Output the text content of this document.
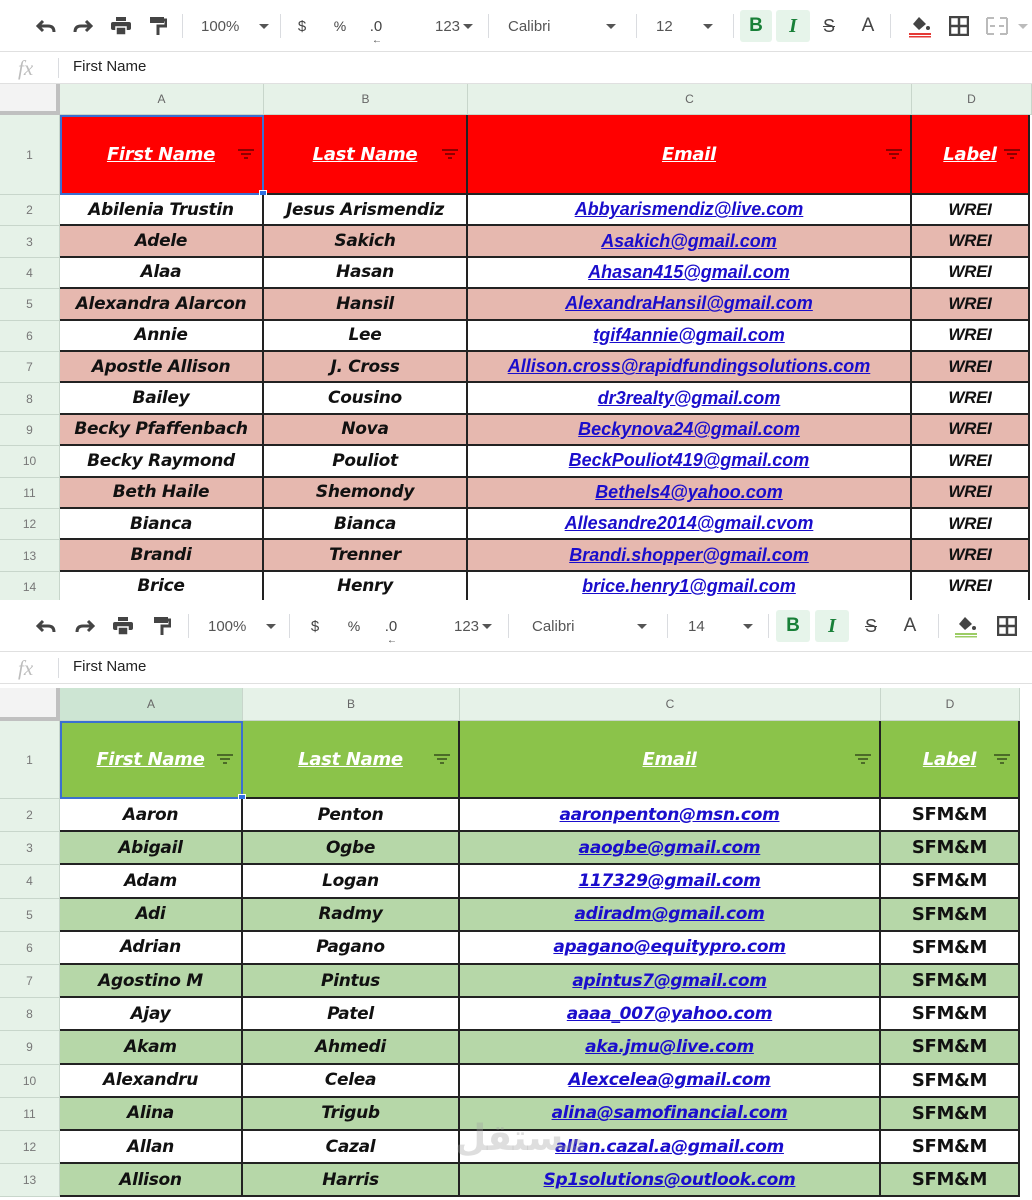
100%	$ % .0
←
123	Calibri	12	B I S A
fx	First Name
A	B	C	D
1	First Name	Last Name	Email	Label
2	Abilenia Trustin	Jesus Arismendiz	Abbyarismendiz@live.com	WREI
3	Adele	Sakich	Asakich@gmail.com	WREI
4	Alaa	Hasan	Ahasan415@gmail.com	WREI
5	Alexandra Alarcon	Hansil	AlexandraHansil@gmail.com	WREI
6	Annie	Lee	tgif4annie@gmail.com	WREI
7	Apostle Allison	J. Cross	Allison.cross@rapidfundingsolutions.com	WREI
8	Bailey	Cousino	dr3realty@gmail.com	WREI
9	Becky Pfaffenbach	Nova	Beckynova24@gmail.com	WREI
10	Becky Raymond	Pouliot	BeckPouliot419@gmail.com	WREI
11	Beth Haile	Shemondy	Bethels4@yahoo.com	WREI
12	Bianca	Bianca	Allesandre2014@gmail.cvom	WREI
13	Brandi	Trenner	Brandi.shopper@gmail.com	WREI
14	Brice	Henry	brice.henry1@gmail.com	WREI
100%	$ % .0
←
123	Calibri	14	B I S A
fx	First Name
A	B	C	D
1	First Name	Last Name	Email	Label
2	Aaron	Penton	aaronpenton@msn.com	SFM&M
3	Abigail	Ogbe	aaogbe@gmail.com	SFM&M
4	Adam	Logan	117329@gmail.com	SFM&M
5	Adi	Radmy	adiradm@gmail.com	SFM&M
6	Adrian	Pagano	apagano@equitypro.com	SFM&M
7	Agostino M	Pintus	apintus7@gmail.com	SFM&M
8	Ajay	Patel	aaaa_007@yahoo.com	SFM&M
9	Akam	Ahmedi	aka.jmu@live.com	SFM&M
10	Alexandru	Celea	Alexcelea@gmail.com	SFM&M
11	Alina	Trigub	alina@samofinancial.com	SFM&M
12	Allan	Cazal	allan.cazal.a@gmail.com	SFM&M
13	Allison	Harris	Sp1solutions@outlook.com	SFM&M
مستقل
